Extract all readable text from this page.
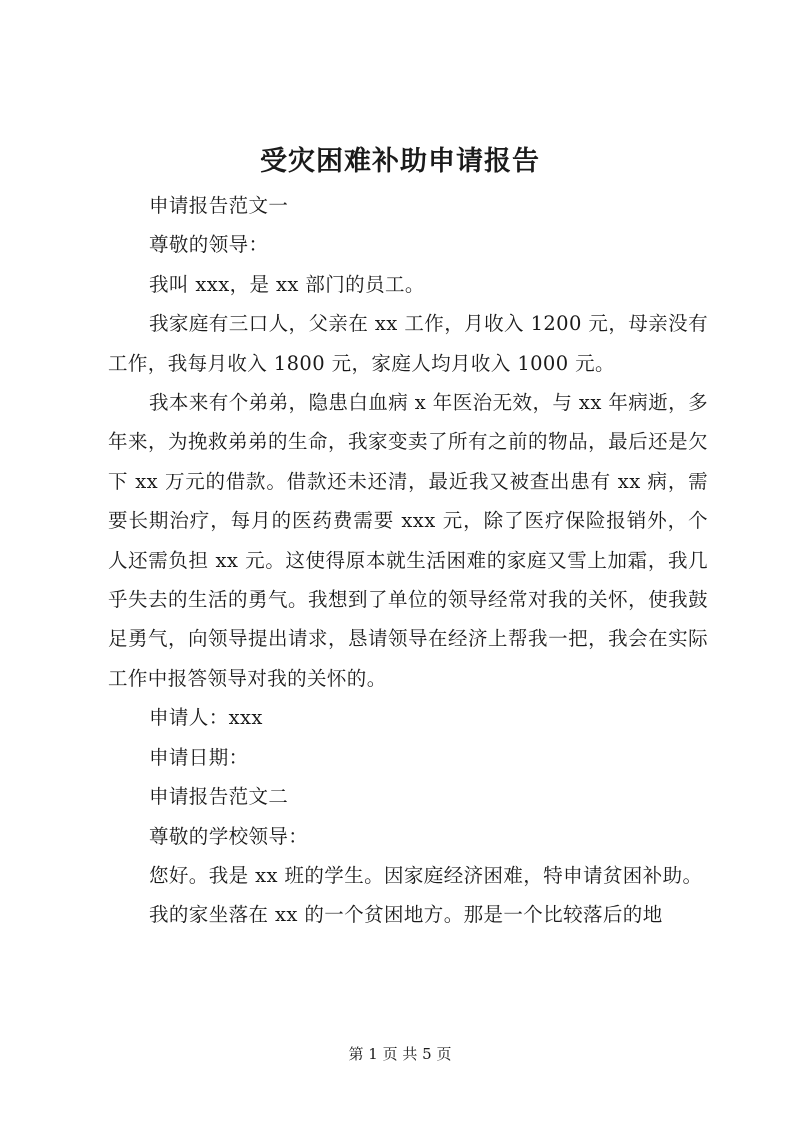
受灾困难补助申请报告

申请报告范文一

尊敬的领导：

我叫 xxx，是 xx 部门的员工。

我家庭有三口人，父亲在 xx 工作，月收入 1200 元，母亲没有工作，我每月收入 1800 元，家庭人均月收入 1000 元。

我本来有个弟弟，隐患白血病 x 年医治无效，与 xx 年病逝，多年来，为挽救弟弟的生命，我家变卖了所有之前的物品，最后还是欠下 xx 万元的借款。借款还未还清，最近我又被查出患有 xx 病，需要长期治疗，每月的医药费需要 xxx 元，除了医疗保险报销外，个人还需负担 xx 元。这使得原本就生活困难的家庭又雪上加霜，我几乎失去的生活的勇气。我想到了单位的领导经常对我的关怀，使我鼓足勇气，向领导提出请求，恳请领导在经济上帮我一把，我会在实际工作中报答领导对我的关怀的。

申请人：xxx

申请日期：

申请报告范文二

尊敬的学校领导：

您好。我是 xx 班的学生。因家庭经济困难，特申请贫困补助。

我的家坐落在 xx 的一个贫困地方。那是一个比较落后的地

第 1 页 共 5 页
